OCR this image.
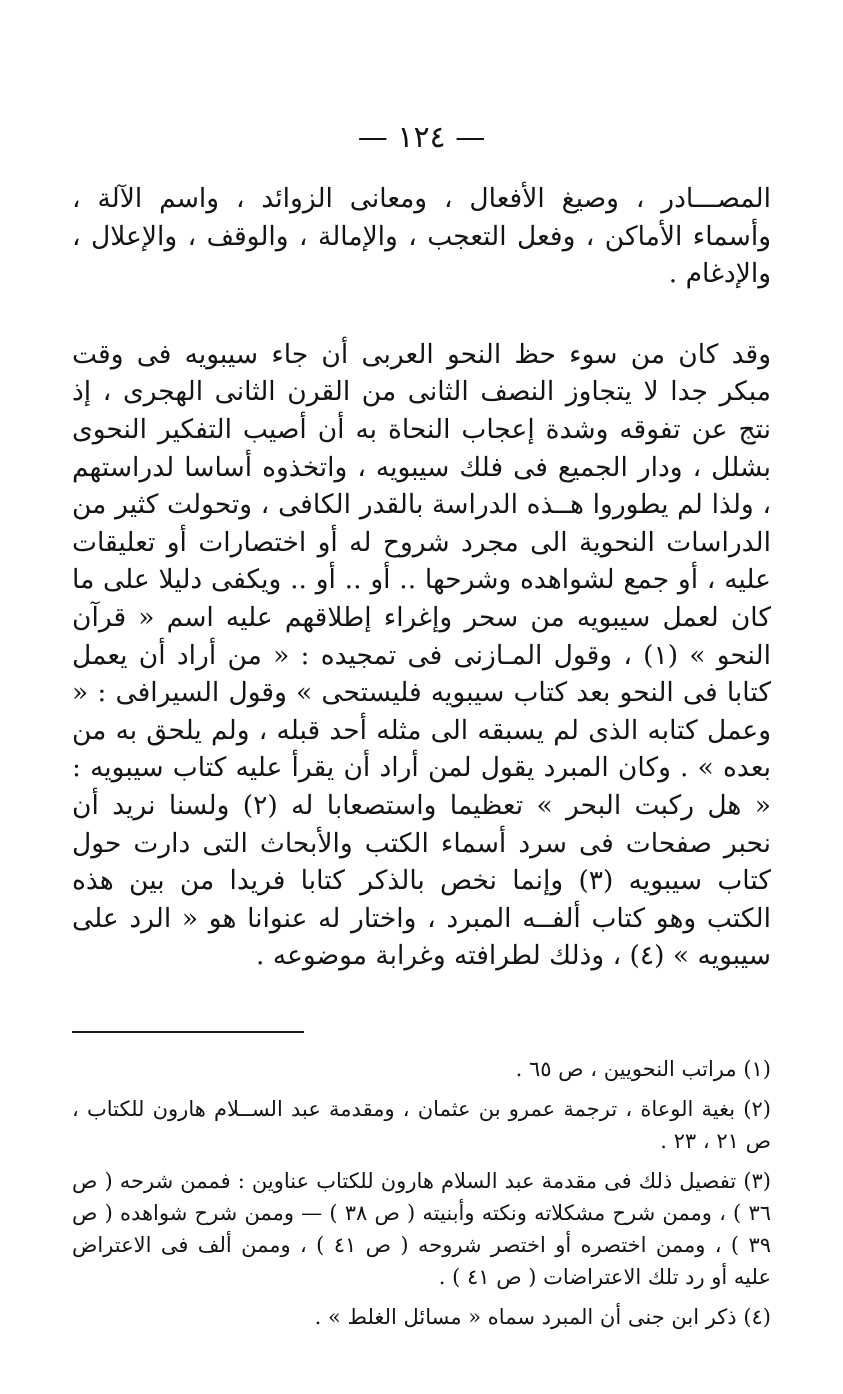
— ١٢٤ —

المصـــادر ، وصيغ الأفعال ، ومعانى الزوائد ، واسم الآلة ، وأسماء الأماكن ، وفعل التعجب ، والإمالة ، والوقف ، والإعلال ، والإدغام .

وقد كان من سوء حظ النحو العربى أن جاء سيبويه فى وقت مبكر جدا لا يتجاوز النصف الثانى من القرن الثانى الهجرى ، إذ نتج عن تفوقه وشدة إعجاب النحاة به أن أصيب التفكير النحوى بشلل ، ودار الجميع فى فلك سيبويه ، واتخذوه أساسا لدراستهم ، ولذا لم يطوروا هــذه الدراسة بالقدر الكافى ، وتحولت كثير من الدراسات النحوية الى مجرد شروح له أو اختصارات أو تعليقات عليه ، أو جمع لشواهده وشرحها .. أو .. أو .. ويكفى دليلا على ما كان لعمل سيبويه من سحر وإغراء إطلاقهم عليه اسم « قرآن النحو » (١) ، وقول المـازنى فى تمجيده : « من أراد أن يعمل كتابا فى النحو بعد كتاب سيبويه فليستحى » وقول السيرافى : « وعمل كتابه الذى لم يسبقه الى مثله أحد قبله ، ولم يلحق به من بعده » . وكان المبرد يقول لمن أراد أن يقرأ عليه كتاب سيبويه : « هل ركبت البحر » تعظيما واستصعابا له (٢) ولسنا نريد أن نحبر صفحات فى سرد أسماء الكتب والأبحاث التى دارت حول كتاب سيبويه (٣) وإنما نخص بالذكر كتابا فريدا من بين هذه الكتب وهو كتاب ألفــه المبرد ، واختار له عنوانا هو « الرد على سيبويه » (٤) ، وذلك لطرافته وغرابة موضوعه .

(١) مراتب النحويين ، ص ٦٥ .

(٢) بغية الوعاة ، ترجمة عمرو بن عثمان ، ومقدمة عبد الســلام هارون للكتاب ، ص ٢١ ، ٢٣ .

(٣) تفصيل ذلك فى مقدمة عبد السلام هارون للكتاب عناوين : فممن شرحه ( ص ٣٦ ) ، وممن شرح مشكلاته ونكته وأبنيته ( ص ٣٨ ) — وممن شرح شواهده ( ص ٣٩ ) ، وممن اختصره أو اختصر شروحه ( ص ٤١ ) ، وممن ألف فى الاعتراض عليه أو رد تلك الاعتراضات ( ص ٤١ ) .

(٤) ذكر ابن جنى أن المبرد سماه « مسائل الغلط » .
